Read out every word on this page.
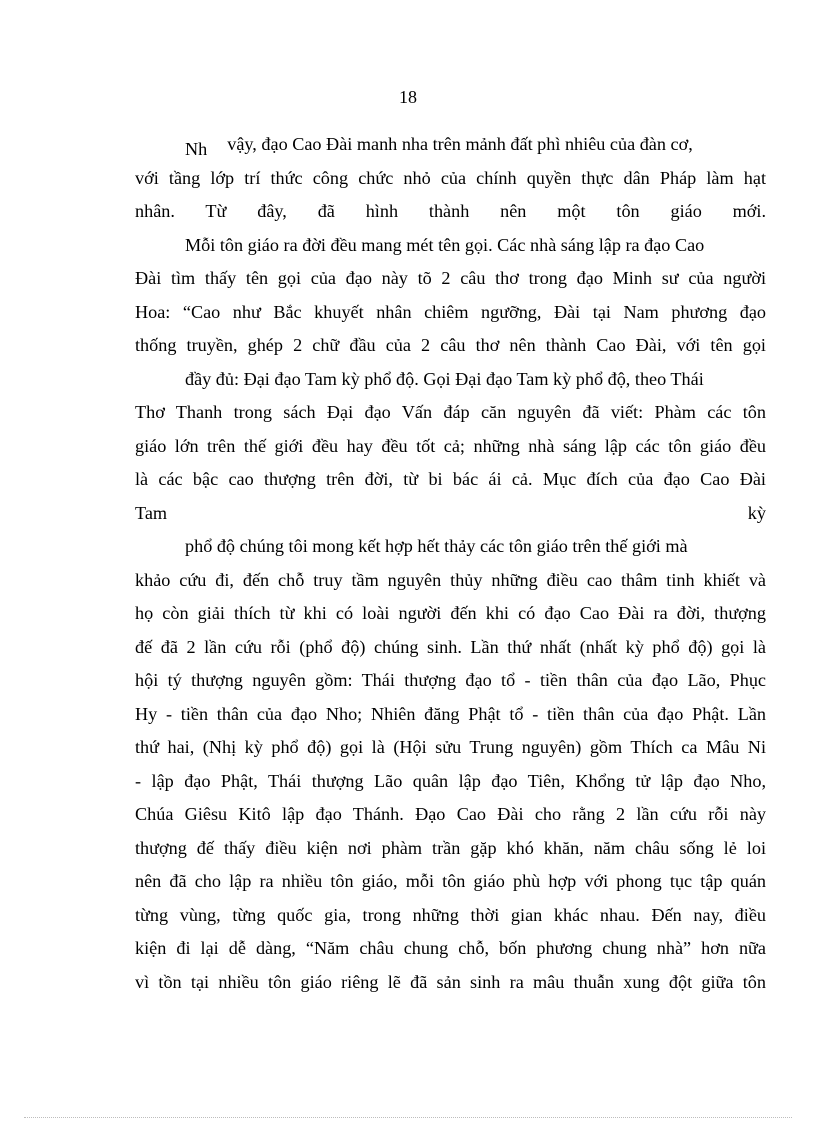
18
Nh vậy, đạo Cao Đài manh nha trên mảnh đất phì nhiêu của đàn cơ,
với tầng lớp trí thức công chức nhỏ của chính quyền thực dân Pháp làm hạt
nhân. Từ đây, đã hình thành nên một tôn giáo mới.
Mỗi tôn giáo ra đời đều mang mét tên gọi. Các nhà sáng lập ra đạo Cao
Đài tìm thấy tên gọi của đạo này tõ 2 câu thơ trong đạo Minh sư của người
Hoa: “Cao như Bắc khuyết nhân chiêm ngưỡng, Đài tại Nam phương đạo
thống truyền, ghép 2 chữ đầu của 2 câu thơ nên thành Cao Đài, với tên gọi
đầy đủ: Đại đạo Tam kỳ phổ độ. Gọi Đại đạo Tam kỳ phổ độ, theo Thái
Thơ Thanh trong sách Đại đạo Vấn đáp căn nguyên đã viết: Phàm các tôn
giáo lớn trên thế giới đều hay đều tốt cả; những nhà sáng lập các tôn giáo đều
là các bậc cao thượng trên đời, từ bi bác ái cả. Mục đích của đạo Cao Đài
Tam kỳ
phổ độ chúng tôi mong kết hợp hết thảy các tôn giáo trên thế giới mà
khảo cứu đi, đến chỗ truy tầm nguyên thủy những điều cao thâm tinh khiết và
họ còn giải thích từ khi có loài người đến khi có đạo Cao Đài ra đời, thượng
đế đã 2 lần cứu rỗi (phổ độ) chúng sinh. Lần thứ nhất (nhất kỳ phổ độ) gọi là
hội tý thượng nguyên gồm: Thái thượng đạo tổ - tiền thân của đạo Lão, Phục
Hy - tiền thân của đạo Nho; Nhiên đăng Phật tổ - tiền thân của đạo Phật. Lần
thứ hai, (Nhị kỳ phổ độ) gọi là (Hội sửu Trung nguyên) gồm Thích ca Mâu Ni
- lập đạo Phật, Thái thượng Lão quân lập đạo Tiên, Khổng tử lập đạo Nho,
Chúa Giêsu Kitô lập đạo Thánh. Đạo Cao Đài cho rằng 2 lần cứu rỗi này
thượng đế thấy điều kiện nơi phàm trần gặp khó khăn, năm châu sống lẻ loi
nên đã cho lập ra nhiều tôn giáo, mỗi tôn giáo phù hợp với phong tục tập quán
từng vùng, từng quốc gia, trong những thời gian khác nhau. Đến nay, điều
kiện đi lại dễ dàng, “Năm châu chung chỗ, bốn phương chung nhà” hơn nữa
vì tồn tại nhiều tôn giáo riêng lẽ đã sản sinh ra mâu thuẫn xung đột giữa tôn
